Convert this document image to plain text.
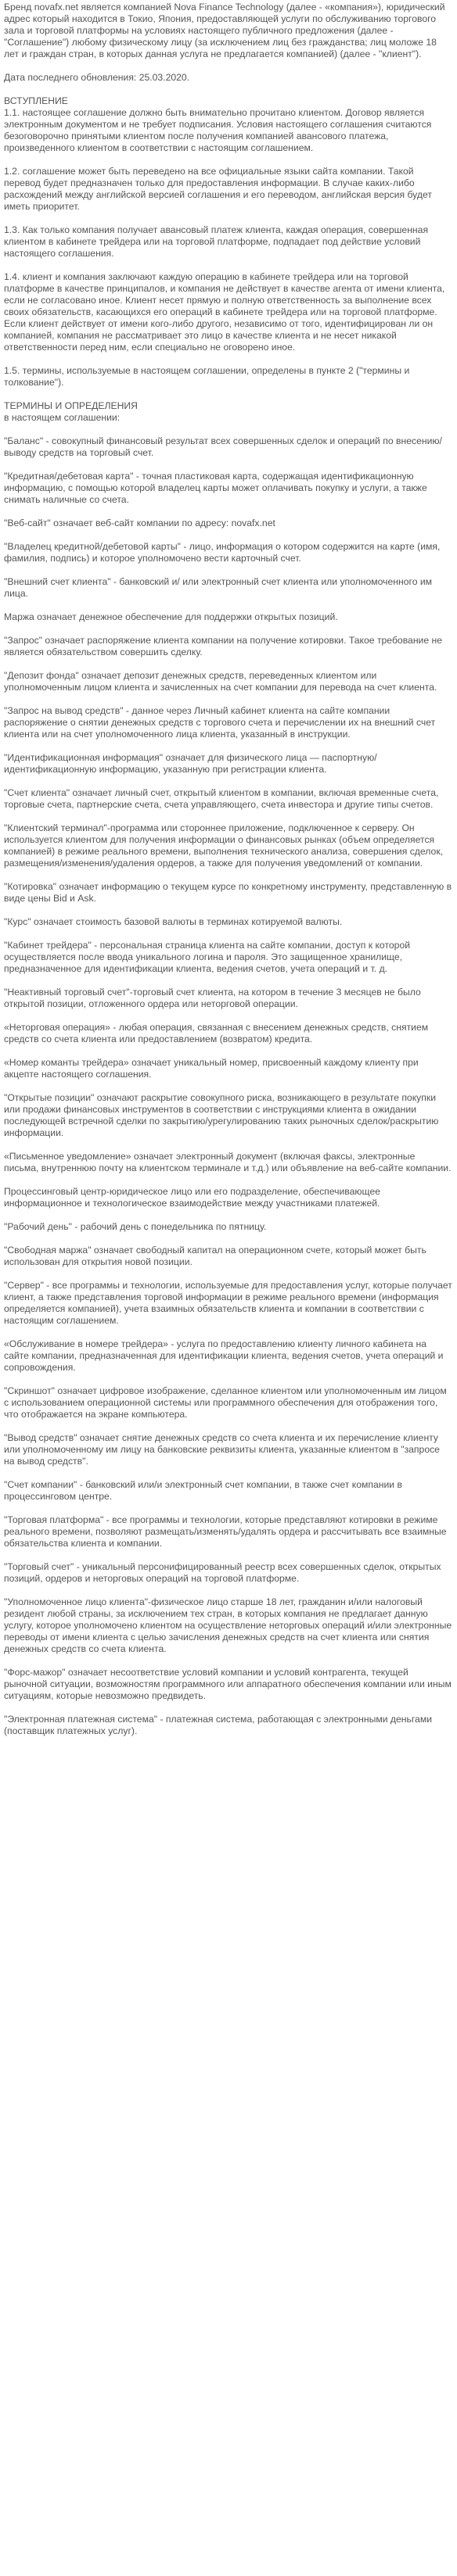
Бренд novafx.net является компанией Nova Finance Technology (далее - «компания»), юридический адрес который находится в Токио, Япония, предоставляющей услуги по обслуживанию торгового зала и торговой платформы на условиях настоящего публичного предложения (далее - "Соглашение") любому физическому лицу (за исключением лиц без гражданства; лиц моложе 18 лет и граждан стран, в которых данная услуга не предлагается компанией) (далее - "клиент").

Дата последнего обновления: 25.03.2020.

ВСТУПЛЕНИЕ
1.1. настоящее соглашение должно быть внимательно прочитано клиентом. Договор является электронным документом и не требует подписания. Условия настоящего соглашения считаются безоговорочно принятыми клиентом после получения компанией авансового платежа, произведенного клиентом в соответствии с настоящим соглашением.

1.2. соглашение может быть переведено на все официальные языки сайта компании. Такой перевод будет предназначен только для предоставления информации. В случае каких-либо расхождений между английской версией соглашения и его переводом, английская версия будет иметь приоритет.

1.3. Как только компания получает авансовый платеж клиента, каждая операция, совершенная клиентом в кабинете трейдера или на торговой платформе, подпадает под действие условий настоящего соглашения.

1.4. клиент и компания заключают каждую операцию в кабинете трейдера или на торговой платформе в качестве принципалов, и компания не действует в качестве агента от имени клиента, если не согласовано иное. Клиент несет прямую и полную ответственность за выполнение всех своих обязательств, касающихся его операций в кабинете трейдера или на торговой платформе. Если клиент действует от имени кого-либо другого, независимо от того, идентифицирован ли он компанией, компания не рассматривает это лицо в качестве клиента и не несет никакой ответственности перед ним, если специально не оговорено иное.

1.5. термины, используемые в настоящем соглашении, определены в пункте 2 ("термины и толкование").

ТЕРМИНЫ И ОПРЕДЕЛЕНИЯ
в настоящем соглашении:

"Баланс" - совокупный финансовый результат всех совершенных сделок и операций по внесению/выводу средств на торговый счет.

"Кредитная/дебетовая карта" - точная пластиковая карта, содержащая идентификационную информацию, с помощью которой владелец карты может оплачивать покупку и услуги, а также снимать наличные со счета.

"Веб-сайт" означает веб-сайт компании по адресу: novafx.net

"Владелец кредитной/дебетовой карты" - лицо, информация о котором содержится на карте (имя, фамилия, подпись) и которое уполномочено вести карточный счет.

"Внешний счет клиента" - банковский и/ или электронный счет клиента или уполномоченного им лица.

Маржа означает денежное обеспечение для поддержки открытых позиций.

"Запрос" означает распоряжение клиента компании на получение котировки. Такое требование не является обязательством совершить сделку.

"Депозит фонда" означает депозит денежных средств, переведенных клиентом или уполномоченным лицом клиента и зачисленных на счет компании для перевода на счет клиента.

"Запрос на вывод средств" - данное через Личный кабинет клиента на сайте компании распоряжение о снятии денежных средств с торгового счета и перечислении их на внешний счет клиента или на счет уполномоченного лица клиента, указанный в инструкции.

"Идентификационная информация" означает для физического лица — паспортную/идентификационную информацию, указанную при регистрации клиента.

"Счет клиента" означает личный счет, открытый клиентом в компании, включая временные счета, торговые счета, партнерские счета, счета управляющего, счета инвестора и другие типы счетов.

"Клиентский терминал"-программа или стороннее приложение, подключенное к серверу. Он используется клиентом для получения информации о финансовых рынках (объем определяется компанией) в режиме реального времени, выполнения технического анализа, совершения сделок, размещения/изменения/удаления ордеров, а также для получения уведомлений от компании.

"Котировка" означает информацию о текущем курсе по конкретному инструменту, представленную в виде цены Bid и Ask.

"Курс" означает стоимость базовой валюты в терминах котируемой валюты.

"Кабинет трейдера" - персональная страница клиента на сайте компании, доступ к которой осуществляется после ввода уникального логина и пароля. Это защищенное хранилище, предназначенное для идентификации клиента, ведения счетов, учета операций и т. д.

"Неактивный торговый счет"-торговый счет клиента, на котором в течение 3 месяцев не было открытой позиции, отложенного ордера или неторговой операции.

«Неторговая операция» - любая операция, связанная с внесением денежных средств, снятием средств со счета клиента или предоставлением (возвратом) кредита.

«Номер команты трейдера» означает уникальный номер, присвоенный каждому клиенту при акцепте настоящего соглашения.

"Открытые позиции" означают раскрытие совокупного риска, возникающего в результате покупки или продажи финансовых инструментов в соответствии с инструкциями клиента в ожидании последующей встречной сделки по закрытию/урегулированию таких рыночных сделок/раскрытию информации.

«Письменное уведомление» означает электронный документ (включая факсы, электронные письма, внутреннюю почту на клиентском терминале и т.д.) или объявление на веб-сайте компании.

Процессинговый центр-юридическое лицо или его подразделение, обеспечивающее информационное и технологическое взаимодействие между участниками платежей.

"Рабочий день" - рабочий день с понедельника по пятницу.

"Свободная маржа" означает свободный капитал на операционном счете, который может быть использован для открытия новой позиции.

"Сервер" - все программы и технологии, используемые для предоставления услуг, которые получает клиент, а также представления торговой информации в режиме реального времени (информация определяется компанией), учета взаимных обязательств клиента и компании в соответствии с настоящим соглашением.

«Обслуживание в номере трейдера» - услуга по предоставлению клиенту личного кабинета на сайте компании, предназначенная для идентификации клиента, ведения счетов, учета операций и сопровождения.

"Скриншот" означает цифровое изображение, сделанное клиентом или уполномоченным им лицом с использованием операционной системы или программного обеспечения для отображения того, что отображается на экране компьютера.

"Вывод средств" означает снятие денежных средств со счета клиента и их перечисление клиенту или уполномоченному им лицу на банковские реквизиты клиента, указанные клиентом в "запросе на вывод средств".

"Счет компании" - банковский или/и электронный счет компании, в также счет компании в процессинговом центре.

"Торговая платформа" - все программы и технологии, которые представляют котировки в режиме реального времени, позволяют размещать/изменять/удалять ордера и рассчитывать все взаимные обязательства клиента и компании.

"Торговый счет" - уникальный персонифицированный реестр всех совершенных сделок, открытых позиций, ордеров и неторговых операций на торговой платформе.

"Уполномоченное лицо клиента"-физическое лицо старше 18 лет, гражданин и/или налоговый резидент любой страны, за исключением тех стран, в которых компания не предлагает данную услугу, которое уполномочено клиентом на осуществление неторговых операций и/или электронные переводы от имени клиента с целью зачисления денежных средств на счет клиента или снятия денежных средств со счета клиента.

"Форс-мажор" означает несоответствие условий компании и условий контрагента, текущей рыночной ситуации, возможностям программного или аппаратного обеспечения компании или иным ситуациям, которые невозможно предвидеть.

"Электронная платежная система" - платежная система, работающая с электронными деньгами (поставщик платежных услуг).
